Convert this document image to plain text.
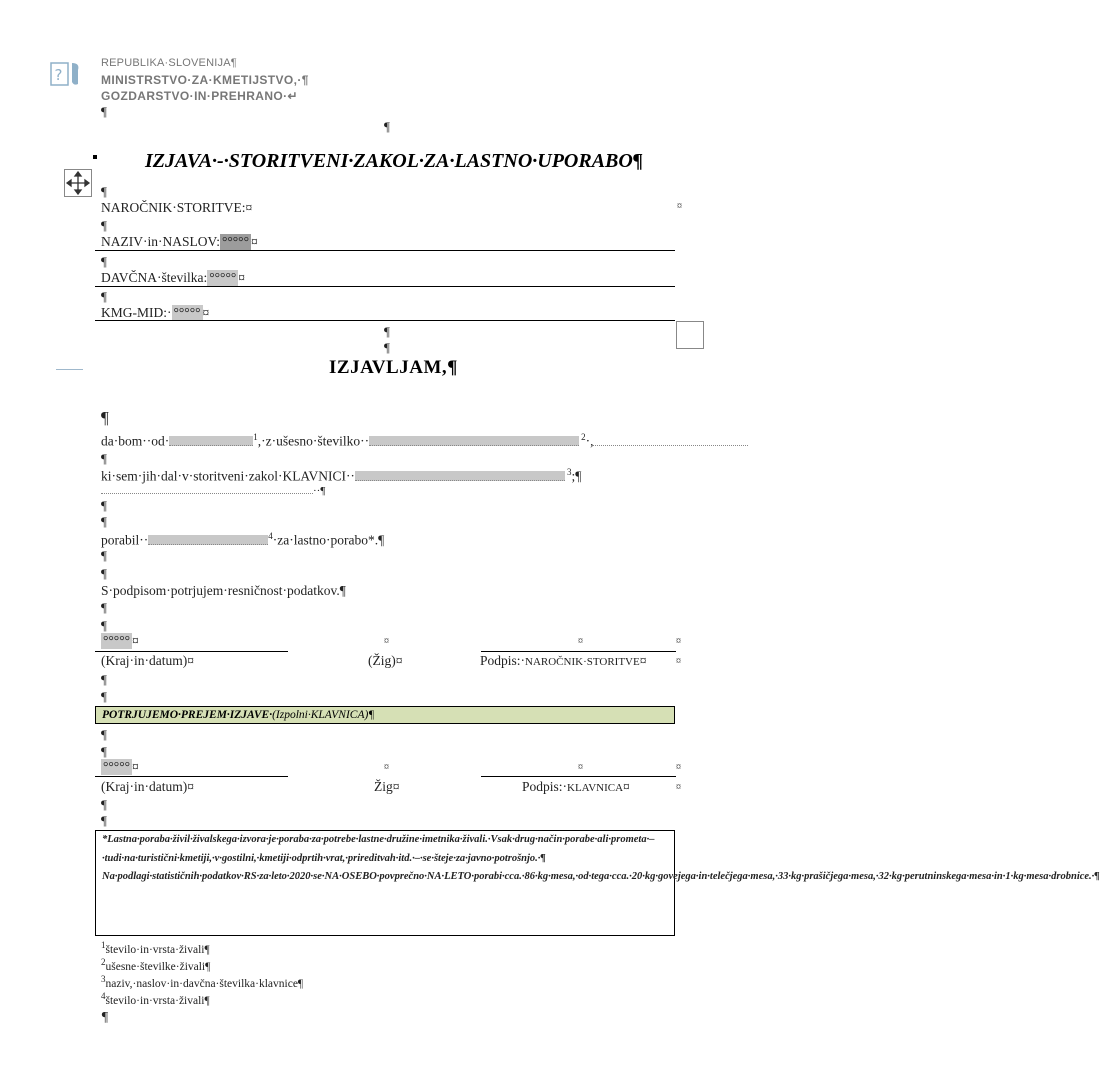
?
REPUBLIKA·SLOVENIJA¶
MINISTRSTVO·ZA·KMETIJSTVO,·¶
GOZDARSTVO·IN·PREHRANO·↵
¶
¶
IZJAVA·-·STORITVENI·ZAKOL·ZA·LASTNO·UPORABO¶
¶
NAROČNIK·STORITVE:¤	¤
¶
NAZIV·in·NASLOV: °°°°° ¤
¶
DAVČNA·številka: °°°°° ¤
¶
KMG-MID:· °°°°° ¤
¶
¶
IZJAVLJAM,¶
¶
da·bom··od·	$^1$,·z·ušesno·številko··	$^2$·,
¶
ki·sem·jih·dal·v·storitveni·zakol·KLAVNICI··	$^3$;¶
··¶
¶
¶
porabil··	$^4$·za·lastno·porabo*.¶
¶
¶
S·podpisom·potrjujem·resničnost·podatkov.¶
¶
¶
°°°°° ¤	¤	¤	¤
(Kraj·in·datum)¤	(Žig)¤	Podpis:·NAROČNIK·STORITVE¤	¤
¶
¶
POTRJUJEMO·PREJEM·IZJAVE·(Izpolni·KLAVNICA)¶
¶
¶
°°°°° ¤	¤	¤	¤
(Kraj·in·datum)¤	Žig¤	Podpis:·KLAVNICA¤	¤
¶
¶
*Lastna·poraba·živil·živalskega·izvora·je·poraba·za·potrebe·lastne·družine·imetnika·živali.·Vsak·drug·način·porabe·ali·prometa·–·tudi·na·turistični·kmetiji,·v·gostilni,·kmetiji·odprtih·vrat,·prireditvah·itd.·–·se·šteje·za·javno·potrošnjo.·¶
Na·podlagi·statističnih·podatkov·RS·za·leto·2020·se·NA·OSEBO·povprečno·NA·LETO·porabi·cca.·86·kg·mesa,·od·tega·cca.·20·kg·govejega·in·telečjega·mesa,·33·kg·prašičjega·mesa,·32·kg·perutninskega·mesa·in·1·kg·mesa·drobnice.·¶
$^1$število·in·vrsta·živali¶
$^2$ušesne·številke·živali¶
$^3$naziv,·naslov·in·davčna·številka·klavnice¶
$^4$število·in·vrsta·živali¶
¶
